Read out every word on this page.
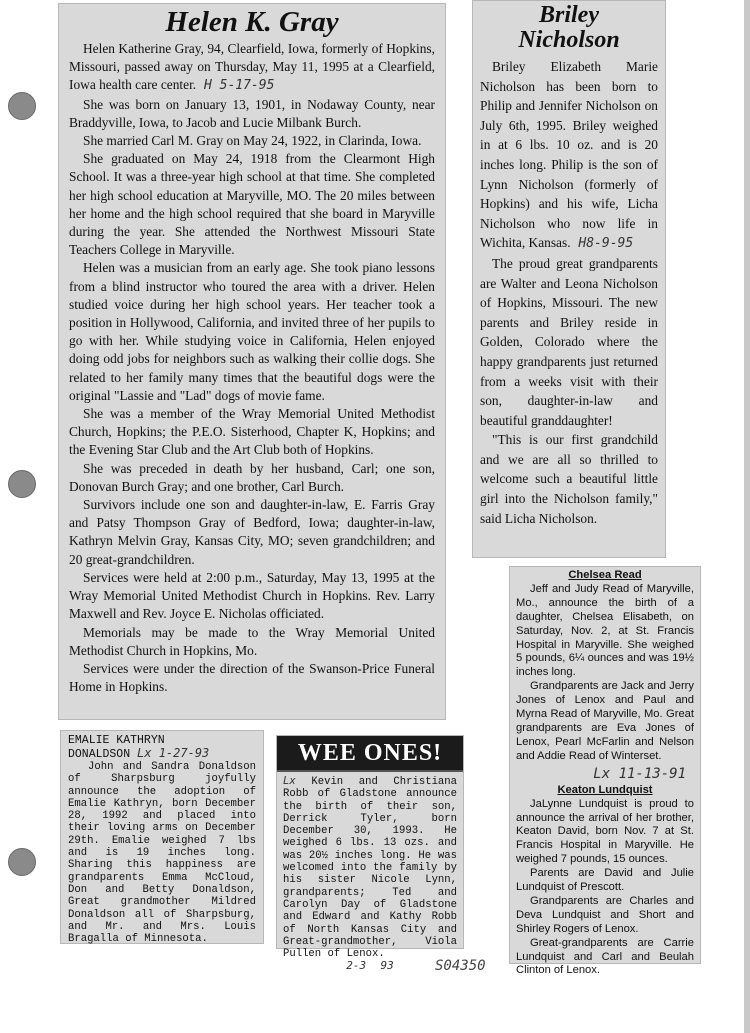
Helen K. Gray

Helen Katherine Gray, 94, Clearfield, Iowa, formerly of Hopkins, Missouri, passed away on Thursday, May 11, 1995 at a Clearfield, Iowa health care center. H 5-17-95

She was born on January 13, 1901, in Nodaway County, near Braddyville, Iowa, to Jacob and Lucie Milbank Burch.

She married Carl M. Gray on May 24, 1922, in Clarinda, Iowa.

She graduated on May 24, 1918 from the Clearmont High School. It was a three-year high school at that time. She completed her high school education at Maryville, MO. The 20 miles between her home and the high school required that she board in Maryville during the year. She attended the Northwest Missouri State Teachers College in Maryville.

Helen was a musician from an early age. She took piano lessons from a blind instructor who toured the area with a driver. Helen studied voice during her high school years. Her teacher took a position in Hollywood, California, and invited three of her pupils to go with her. While studying voice in California, Helen enjoyed doing odd jobs for neighbors such as walking their collie dogs. She related to her family many times that the beautiful dogs were the original "Lassie and "Lad" dogs of movie fame.

She was a member of the Wray Memorial United Methodist Church, Hopkins; the P.E.O. Sisterhood, Chapter K, Hopkins; and the Evening Star Club and the Art Club both of Hopkins.

She was preceded in death by her husband, Carl; one son, Donovan Burch Gray; and one brother, Carl Burch.

Survivors include one son and daughter-in-law, E. Farris Gray and Patsy Thompson Gray of Bedford, Iowa; daughter-in-law, Kathryn Melvin Gray, Kansas City, MO; seven grandchildren; and 20 great-grandchildren.

Services were held at 2:00 p.m., Saturday, May 13, 1995 at the Wray Memorial United Methodist Church in Hopkins. Rev. Larry Maxwell and Rev. Joyce E. Nicholas officiated.

Memorials may be made to the Wray Memorial United Methodist Church in Hopkins, Mo.

Services were under the direction of the Swanson-Price Funeral Home in Hopkins.

Briley
Nicholson

Briley Elizabeth Marie Nicholson has been born to Philip and Jennifer Nicholson on July 6th, 1995. Briley weighed in at 6 lbs. 10 oz. and is 20 inches long. Philip is the son of Lynn Nicholson (formerly of Hopkins) and his wife, Licha Nicholson who now life in Wichita, Kansas. H8-9-95

The proud great grandparents are Walter and Leona Nicholson of Hopkins, Missouri. The new parents and Briley reside in Golden, Colorado where the happy grandparents just returned from a weeks visit with their son, daughter-in-law and beautiful granddaughter!

"This is our first grandchild and we are all so thrilled to welcome such a beautiful little girl into the Nicholson family," said Licha Nicholson.

Chelsea Read

Jeff and Judy Read of Maryville, Mo., announce the birth of a daughter, Chelsea Elisabeth, on Saturday, Nov. 2, at St. Francis Hospital in Maryville. She weighed 5 pounds, 6¼ ounces and was 19½ inches long.

Grandparents are Jack and Jerry Jones of Lenox and Paul and Myrna Read of Maryville, Mo. Great grandparents are Eva Jones of Lenox, Pearl McFarlin and Nelson and Addie Read of Winterset.

Lx 11-13-91
Keaton Lundquist

JaLynne Lundquist is proud to announce the arrival of her brother, Keaton David, born Nov. 7 at St. Francis Hospital in Maryville. He weighed 7 pounds, 15 ounces.

Parents are David and Julie Lundquist of Prescott.

Grandparents are Charles and Deva Lundquist and Short and Shirley Rogers of Lenox.

Great-grandparents are Carrie Lundquist and Carl and Beulah Clinton of Lenox.

EMALIE KATHRYN
DONALDSON Lx 1-27-93

John and Sandra Donaldson of Sharpsburg joyfully announce the adoption of Emalie Kathryn, born December 28, 1992 and placed into their loving arms on December 29th. Emalie weighed 7 lbs and is 19 inches long. Sharing this happiness are grandparents Emma McCloud, Don and Betty Donaldson, Great grandmother Mildred Donaldson all of Sharpsburg, and Mr. and Mrs. Louis Bragalla of Minnesota.

WEE ONES!

Lx Kevin and Christiana Robb of Gladstone announce the birth of their son, Derrick Tyler, born December 30, 1993. He weighed 6 lbs. 13 ozs. and was 20½ inches long. He was welcomed into the family by his sister Nicole Lynn, grandparents; Ted and Carolyn Day of Gladstone and Edward and Kathy Robb of North Kansas City and Great-grandmother, Viola Pullen of Lenox.

2-3 93	S04350
